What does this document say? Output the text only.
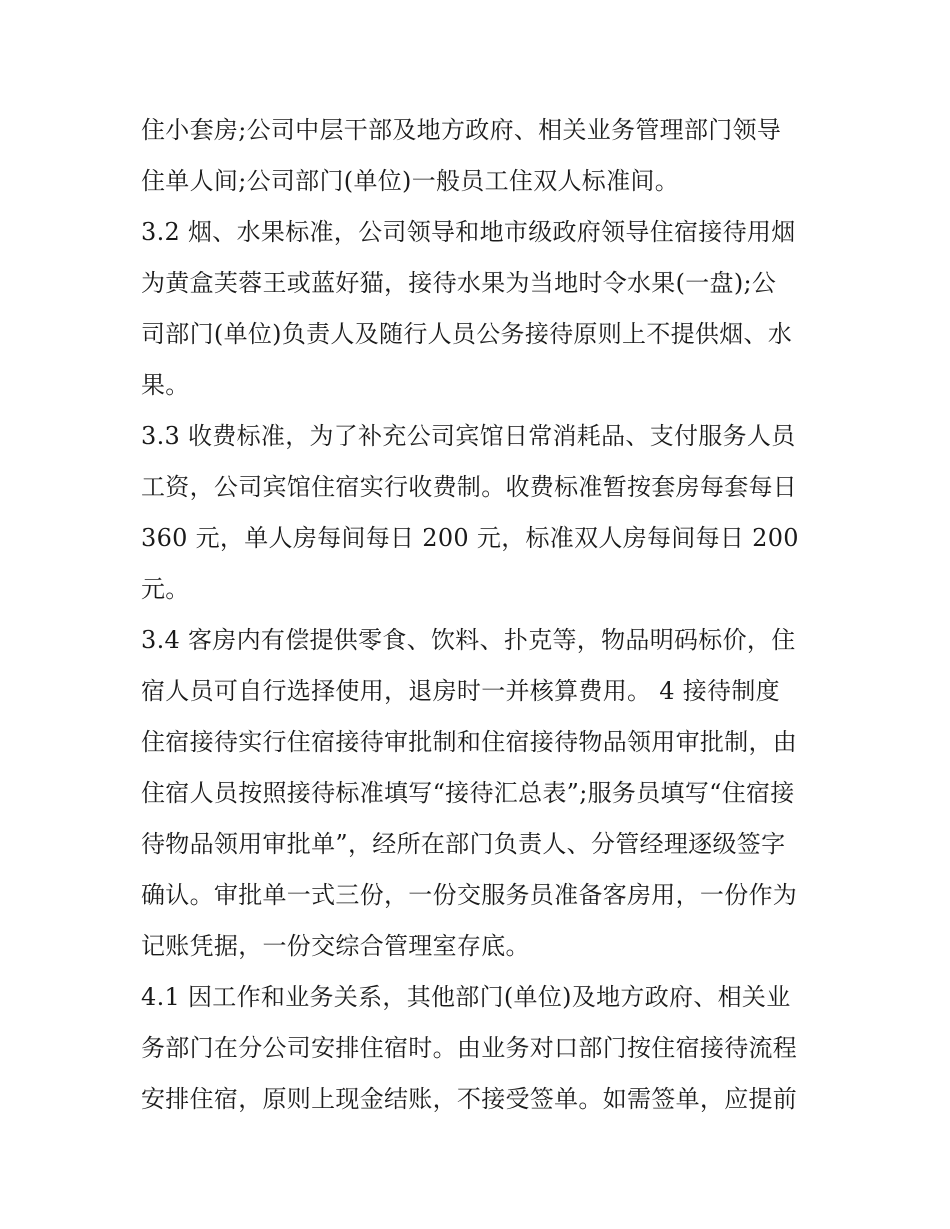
住小套房;公司中层干部及地方政府、相关业务管理部门领导
住单人间;公司部门(单位)一般员工住双人标准间。
3.2 烟、水果标准，公司领导和地市级政府领导住宿接待用烟
为黄盒芙蓉王或蓝好猫，接待水果为当地时令水果(一盘);公
司部门(单位)负责人及随行人员公务接待原则上不提供烟、水
果。
3.3 收费标准，为了补充公司宾馆日常消耗品、支付服务人员
工资，公司宾馆住宿实行收费制。收费标准暂按套房每套每日
360 元，单人房每间每日 200 元，标准双人房每间每日 200
元。
3.4 客房内有偿提供零食、饮料、扑克等，物品明码标价，住
宿人员可自行选择使用，退房时一并核算费用。 4 接待制度
住宿接待实行住宿接待审批制和住宿接待物品领用审批制，由
住宿人员按照接待标准填写“接待汇总表”;服务员填写“住宿接
待物品领用审批单”，经所在部门负责人、分管经理逐级签字
确认。审批单一式三份，一份交服务员准备客房用，一份作为
记账凭据，一份交综合管理室存底。
4.1 因工作和业务关系，其他部门(单位)及地方政府、相关业
务部门在分公司安排住宿时。由业务对口部门按住宿接待流程
安排住宿，原则上现金结账，不接受签单。如需签单，应提前
